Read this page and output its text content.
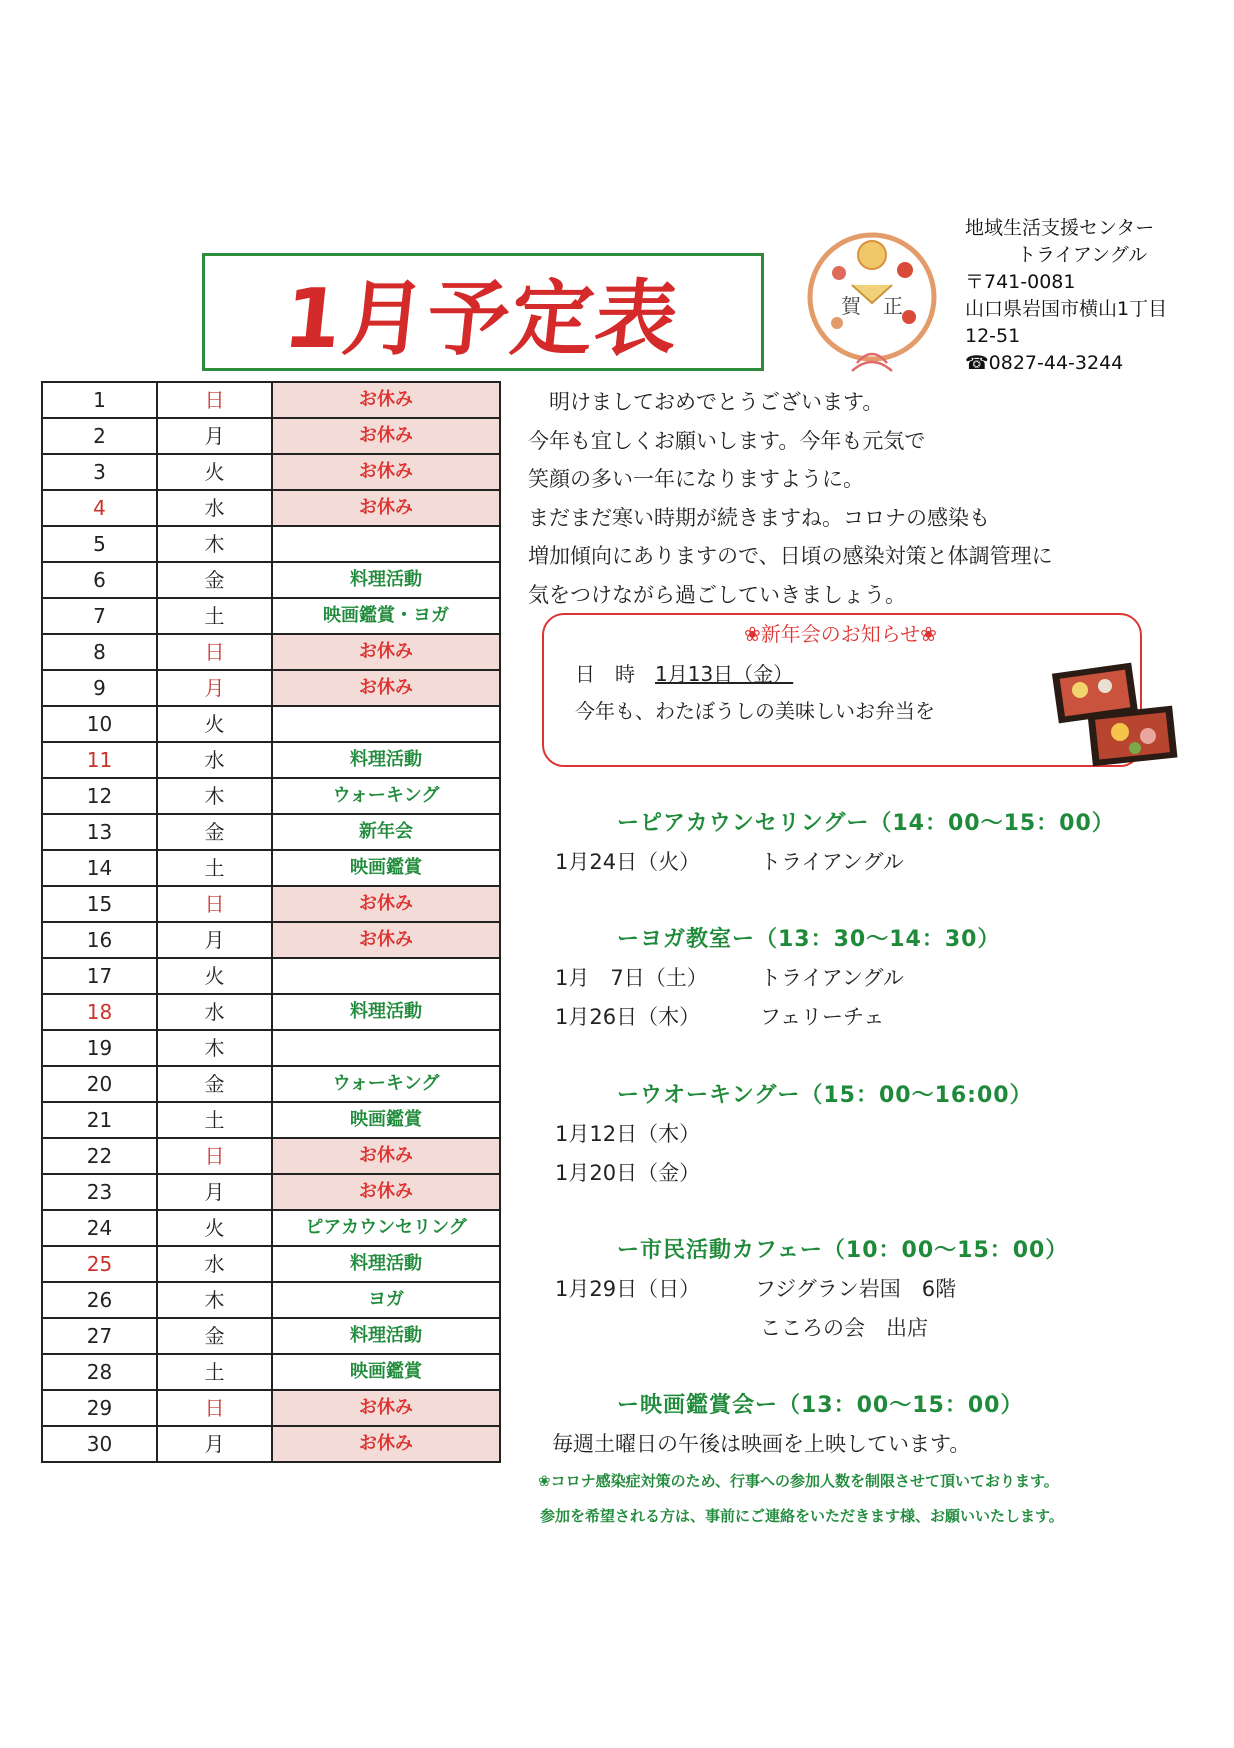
1月予定表	賀 正
地域生活支援センター
トライアングル
〒741-0081
山口県岩国市横山1丁目
12-51
☎0827-44-3244
1	日	お休み
2	月	お休み
3	火	お休み
4	水	お休み
5	木	
6	金	料理活動
7	土	映画鑑賞・ヨガ
8	日	お休み
9	月	お休み
10	火	
11	水	料理活動
12	木	ウォーキング
13	金	新年会
14	土	映画鑑賞
15	日	お休み
16	月	お休み
17	火	
18	水	料理活動
19	木	
20	金	ウォーキング
21	土	映画鑑賞
22	日	お休み
23	月	お休み
24	火	ピアカウンセリング
25	水	料理活動
26	木	ヨガ
27	金	料理活動
28	土	映画鑑賞
29	日	お休み
30	月	お休み
　明けましておめでとうございます。
今年も宜しくお願いします。今年も元気で
笑顔の多い一年になりますように。
まだまだ寒い時期が続きますね。コロナの感染も
増加傾向にありますので、日頃の感染対策と体調管理に
気をつけながら過ごしていきましょう。
❀新年会のお知らせ❀
日　時　 1月13日（金）
今年も、わたぼうしの美味しいお弁当を
ーピアカウンセリングー（14：00～15：00）
1月24日（火）	トライアングル
ーヨガ教室ー（13：30～14：30）
1月　7日（土） トライアングル
1月26日（木）	フェリーチェ
ーウオーキングー（15：00～16:00）
1月12日（木）
1月20日（金）
ー市民活動カフェー（10：00～15：00）
1月29日（日）	フジグラン岩国　6階
こころの会　出店
ー映画鑑賞会ー（13：00～15：00）
毎週土曜日の午後は映画を上映しています。
❀コロナ感染症対策のため、行事への参加人数を制限させて頂いております。
参加を希望される方は、事前にご連絡をいただきます様、お願いいたします。
